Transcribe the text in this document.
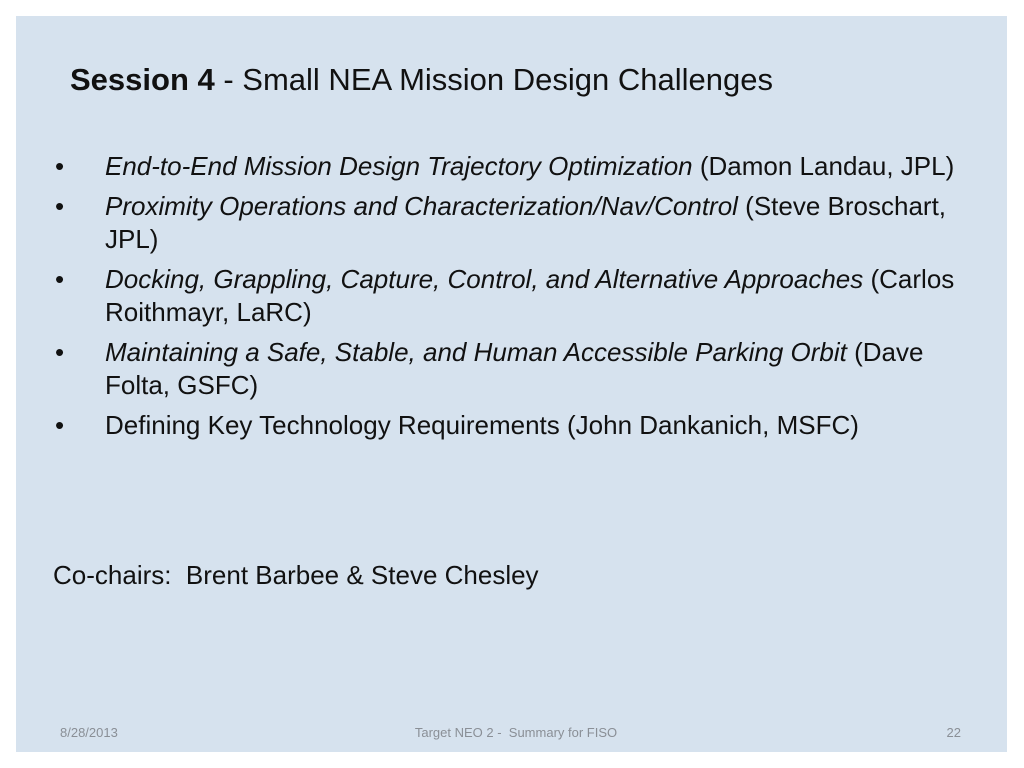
Session 4 - Small NEA Mission Design Challenges
• End-to-End Mission Design Trajectory Optimization (Damon Landau, JPL)
• Proximity Operations and Characterization/Nav/Control (Steve Broschart, JPL)
• Docking, Grappling, Capture, Control, and Alternative Approaches (Carlos Roithmayr, LaRC)
• Maintaining a Safe, Stable, and Human Accessible Parking Orbit (Dave Folta, GSFC)
• Defining Key Technology Requirements (John Dankanich, MSFC)
Co-chairs:  Brent Barbee & Steve Chesley
8/28/2013	Target NEO 2 -  Summary for FISO	22
